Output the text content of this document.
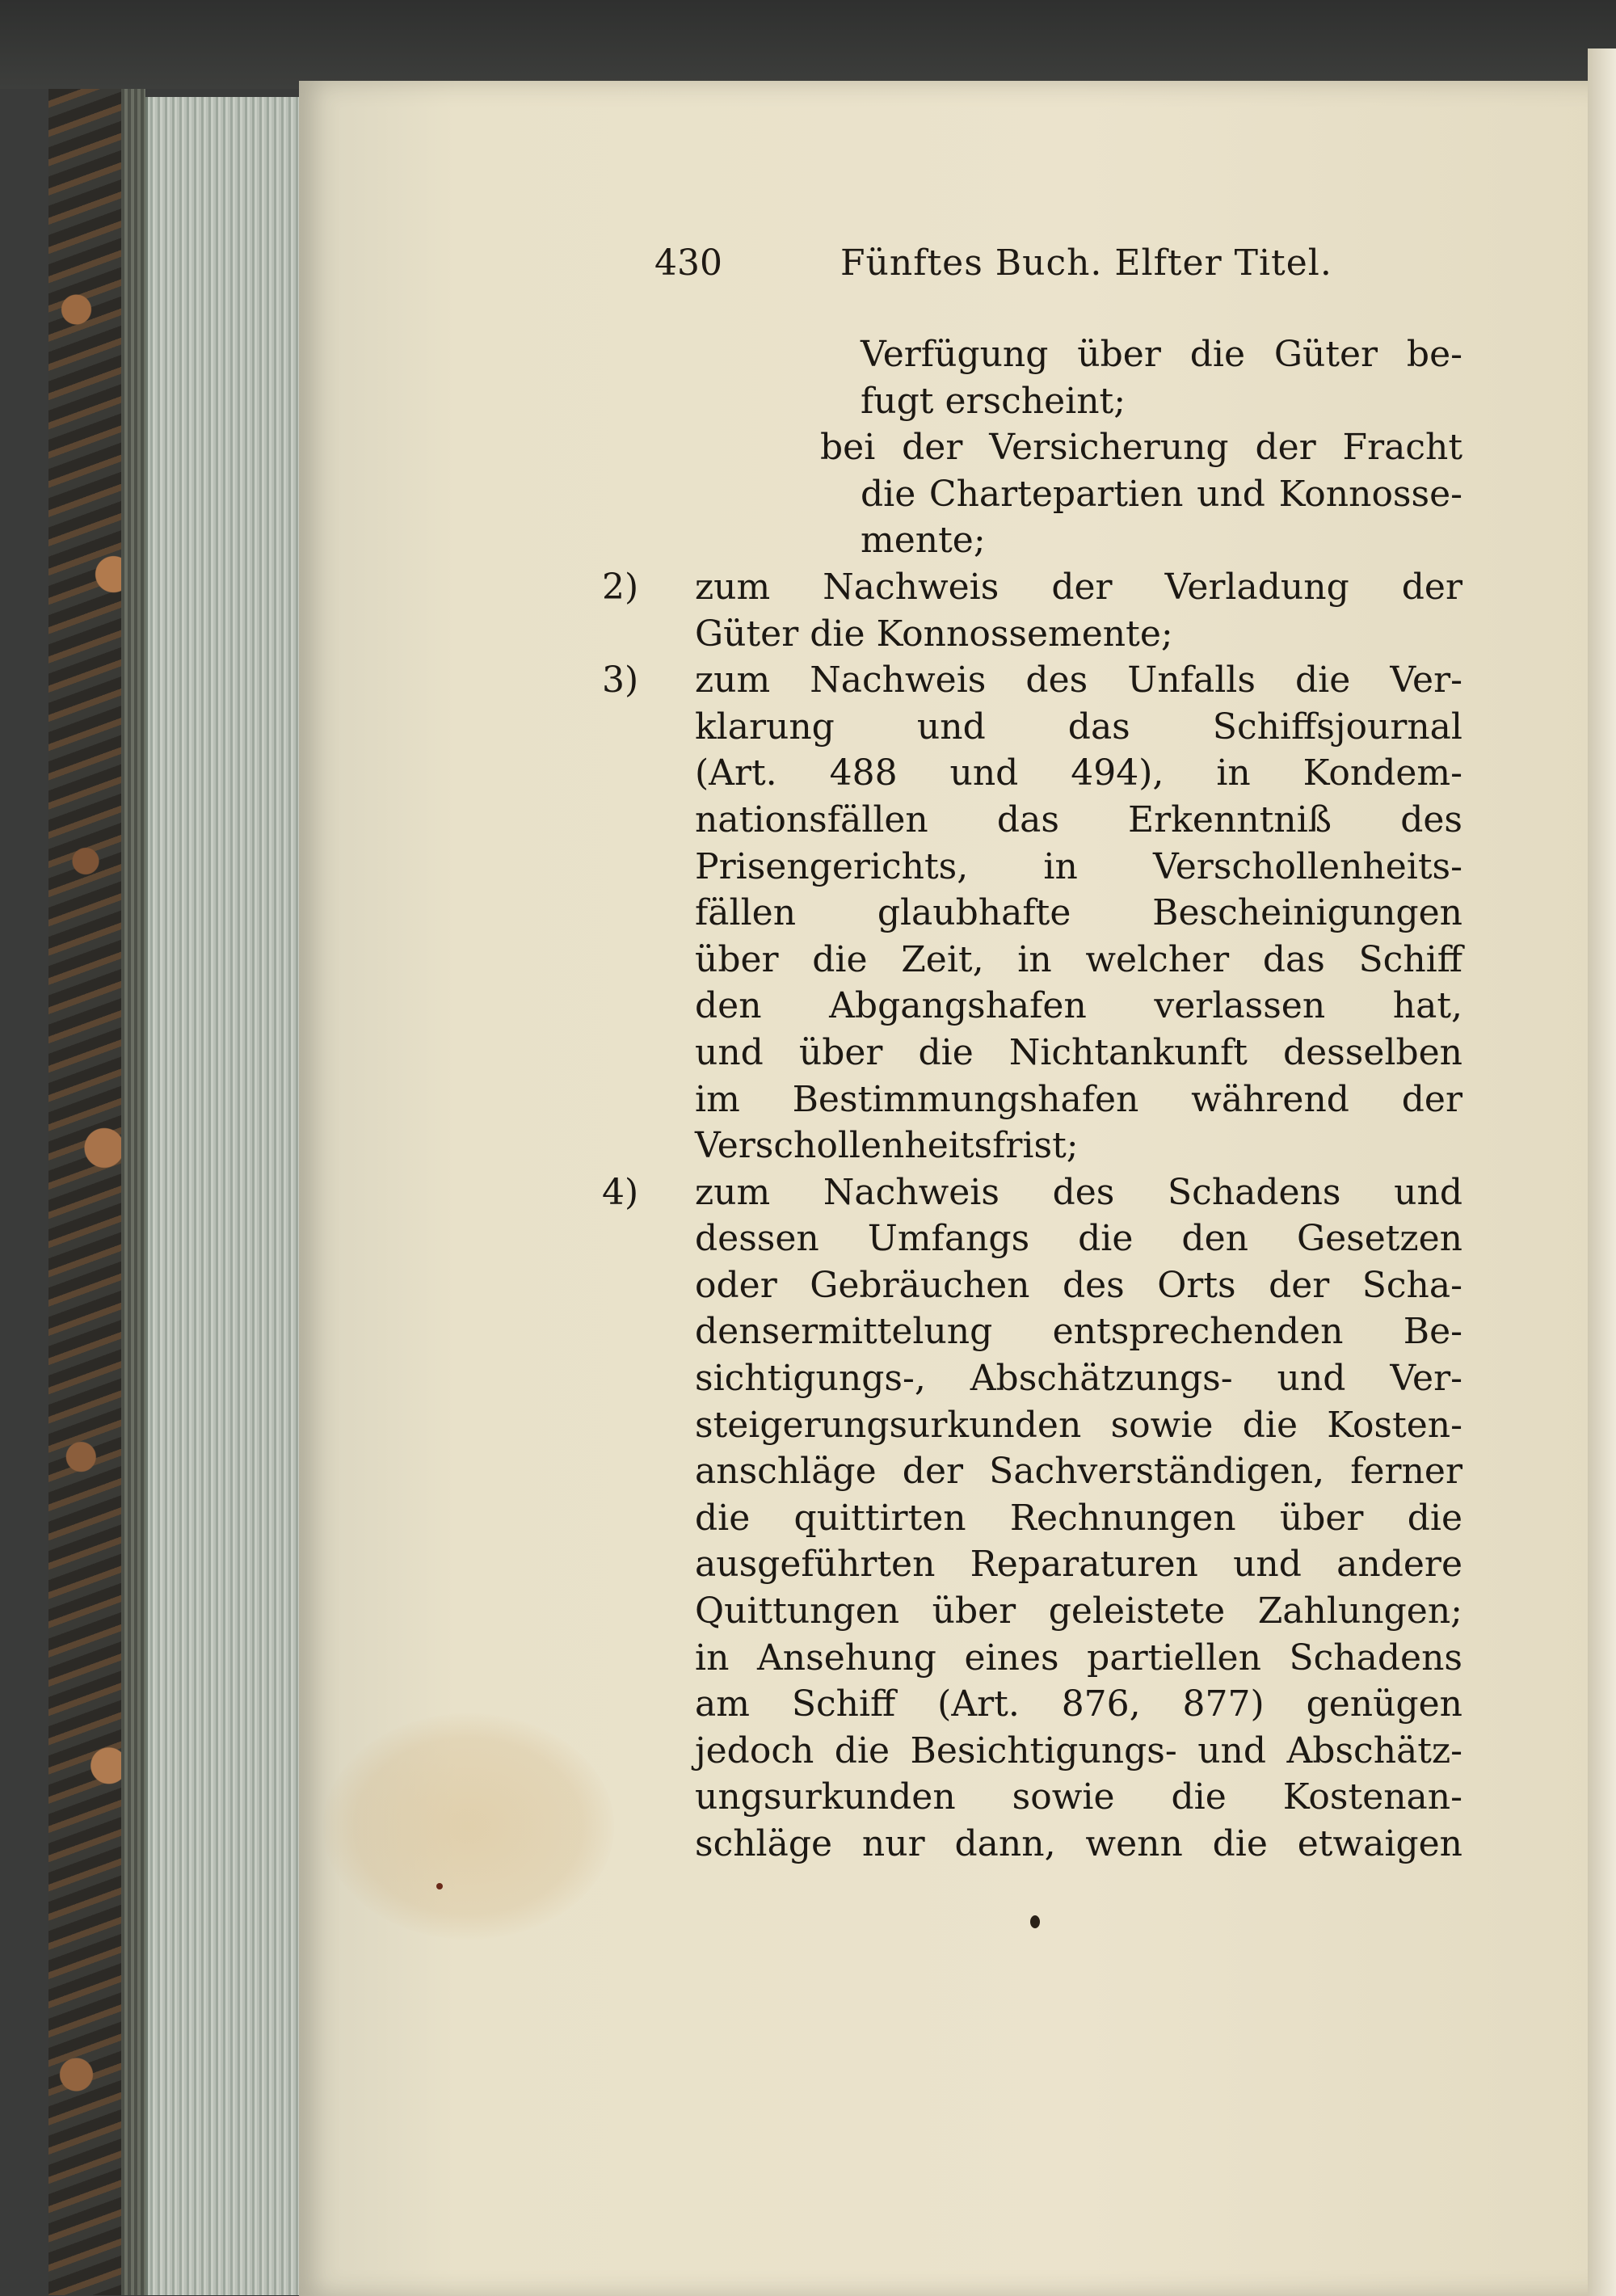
430	Fünftes Buch. Elfter Titel.
Verfügung über die Güter be-
fugt erscheint;
bei der Versicherung der Fracht
die Chartepartien und Konnosse-
mente;
2) zum Nachweis der Verladung der
Güter die Konnossemente;
3) zum Nachweis des Unfalls die Ver-
klarung und das Schiffsjournal
(Art. 488 und 494), in Kondem-
nationsfällen das Erkenntniß des
Prisengerichts, in Verschollenheits-
fällen glaubhafte Bescheinigungen
über die Zeit, in welcher das Schiff
den Abgangshafen verlassen hat,
und über die Nichtankunft desselben
im Bestimmungshafen während der
Verschollenheitsfrist;
4) zum Nachweis des Schadens und
dessen Umfangs die den Gesetzen
oder Gebräuchen des Orts der Scha-
densermittelung entsprechenden Be-
sichtigungs-, Abschätzungs- und Ver-
steigerungsurkunden sowie die Kosten-
anschläge der Sachverständigen, ferner
die quittirten Rechnungen über die
ausgeführten Reparaturen und andere
Quittungen über geleistete Zahlungen;
in Ansehung eines partiellen Schadens
am Schiff (Art. 876, 877) genügen
jedoch die Besichtigungs- und Abschätz-
ungsurkunden sowie die Kostenan-
schläge nur dann, wenn die etwaigen
